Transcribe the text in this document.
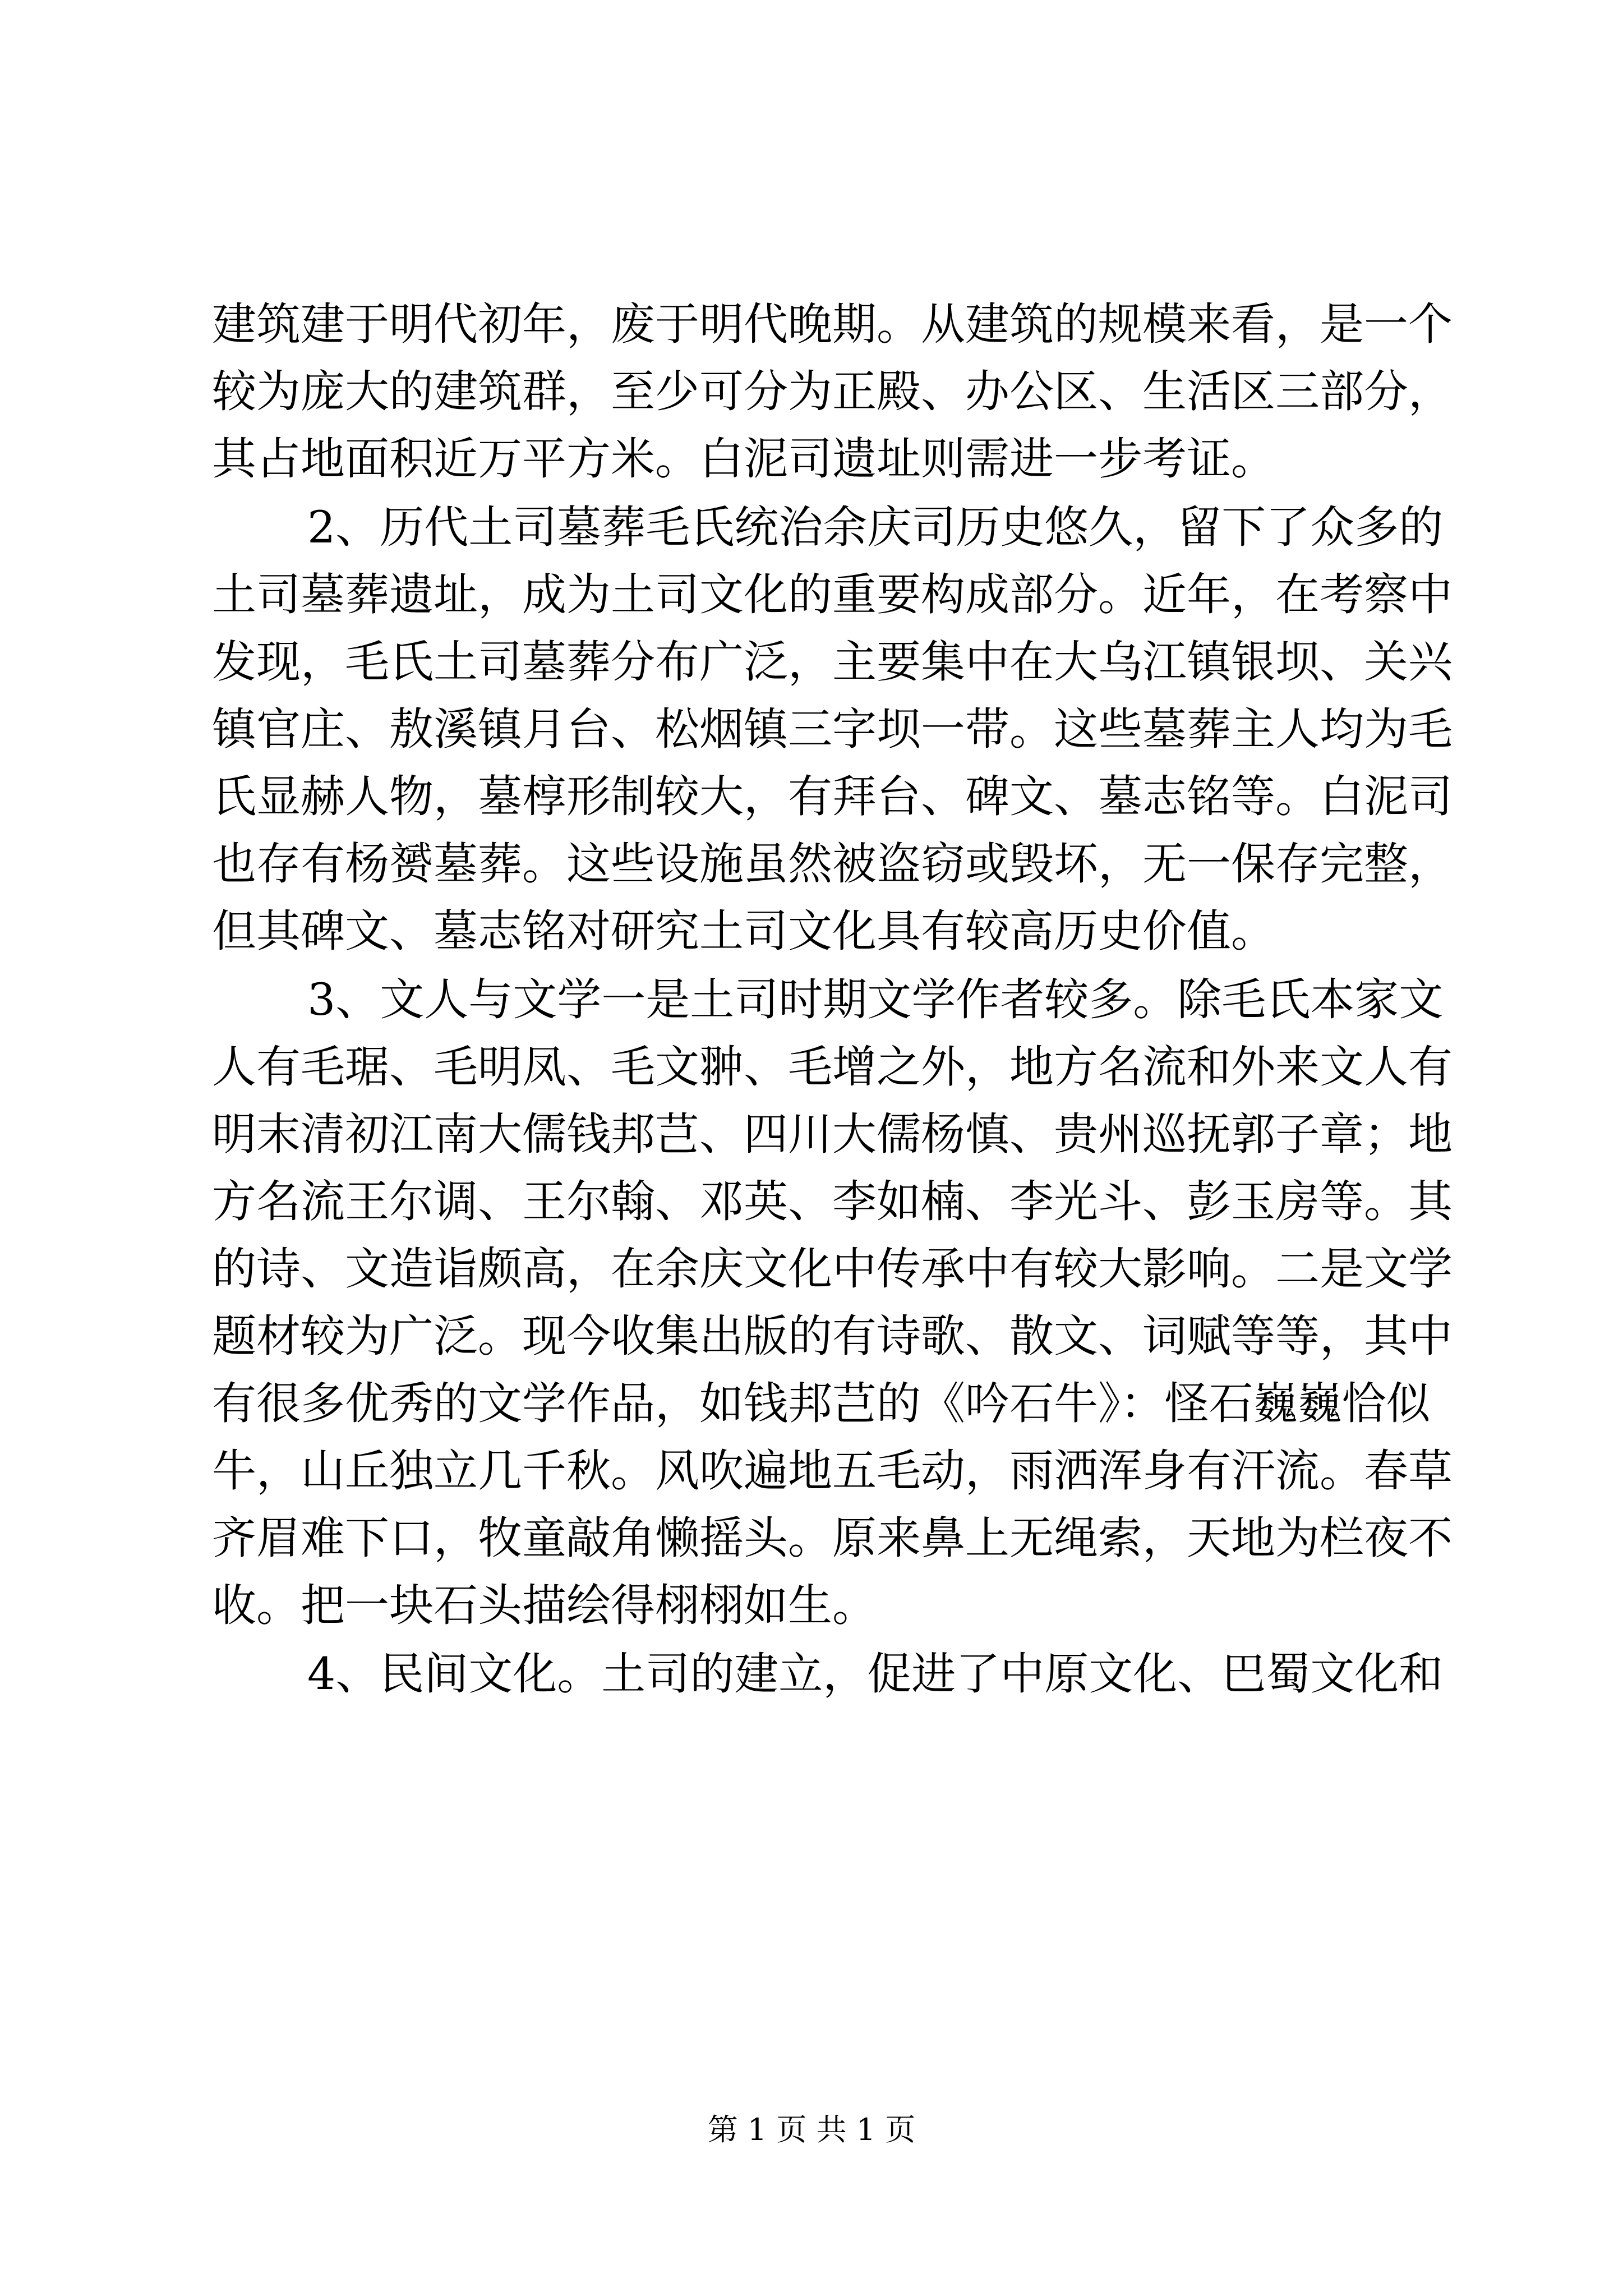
建筑建于明代初年，废于明代晚期。从建筑的规模来看，是一个
较为庞大的建筑群，至少可分为正殿、办公区、生活区三部分，
其占地面积近万平方米。白泥司遗址则需进一步考证。
2、历代土司墓葬毛氏统治余庆司历史悠久，留下了众多的
土司墓葬遗址，成为土司文化的重要构成部分。近年，在考察中
发现，毛氏土司墓葬分布广泛，主要集中在大乌江镇银坝、关兴
镇官庄、敖溪镇月台、松烟镇三字坝一带。这些墓葬主人均为毛
氏显赫人物，墓椁形制较大，有拜台、碑文、墓志铭等。白泥司
也存有杨赟墓葬。这些设施虽然被盗窃或毁坏，无一保存完整，
但其碑文、墓志铭对研究土司文化具有较高历史价值。
3、文人与文学一是土司时期文学作者较多。除毛氏本家文
人有毛琚、毛明凤、毛文翀、毛增之外，地方名流和外来文人有
明末清初江南大儒钱邦芑、四川大儒杨慎、贵州巡抚郭子章；地
方名流王尔调、王尔翰、邓英、李如楠、李光斗、彭玉房等。其
的诗、文造诣颇高，在余庆文化中传承中有较大影响。二是文学
题材较为广泛。现今收集出版的有诗歌、散文、词赋等等，其中
有很多优秀的文学作品，如钱邦芑的《吟石牛》：怪石巍巍恰似
牛，山丘独立几千秋。风吹遍地五毛动，雨洒浑身有汗流。春草
齐眉难下口，牧童敲角懒摇头。原来鼻上无绳索，天地为栏夜不
收。把一块石头描绘得栩栩如生。
4、民间文化。土司的建立，促进了中原文化、巴蜀文化和
第 1 页 共 1 页
